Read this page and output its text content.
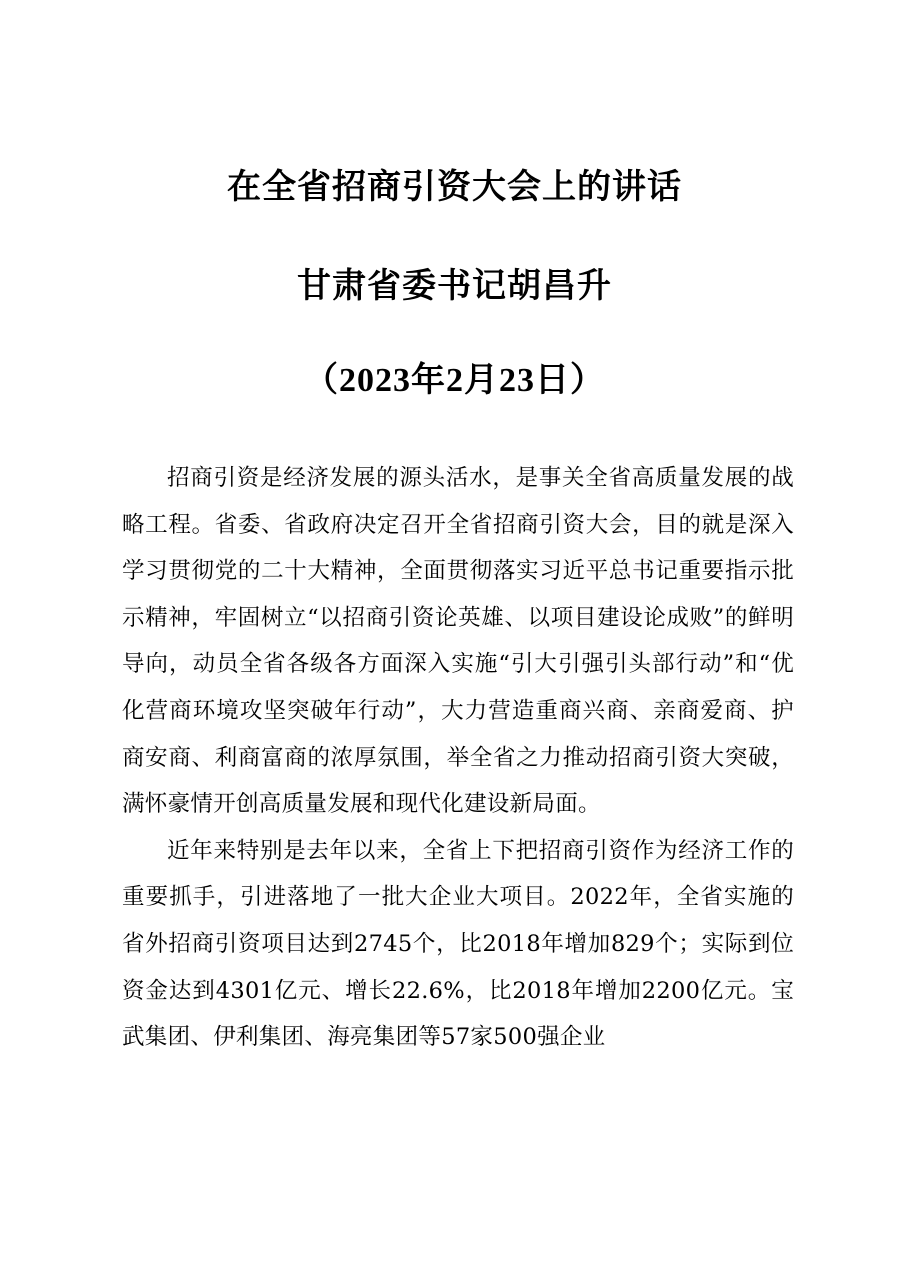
在全省招商引资大会上的讲话
甘肃省委书记胡昌升
（2023年2月23日）

招商引资是经济发展的源头活水，是事关全省高质量发展的战略工程。省委、省政府决定召开全省招商引资大会，目的就是深入学习贯彻党的二十大精神，全面贯彻落实习近平总书记重要指示批示精神，牢固树立“以招商引资论英雄、以项目建设论成败”的鲜明导向，动员全省各级各方面深入实施“引大引强引头部行动”和“优化营商环境攻坚突破年行动”，大力营造重商兴商、亲商爱商、护商安商、利商富商的浓厚氛围，举全省之力推动招商引资大突破，满怀豪情开创高质量发展和现代化建设新局面。

近年来特别是去年以来，全省上下把招商引资作为经济工作的重要抓手，引进落地了一批大企业大项目。2022年，全省实施的省外招商引资项目达到2745个，比2018年增加829个；实际到位资金达到4301亿元、增长22.6%，比2018年增加2200亿元。宝武集团、伊利集团、海亮集团等57家500强企业
